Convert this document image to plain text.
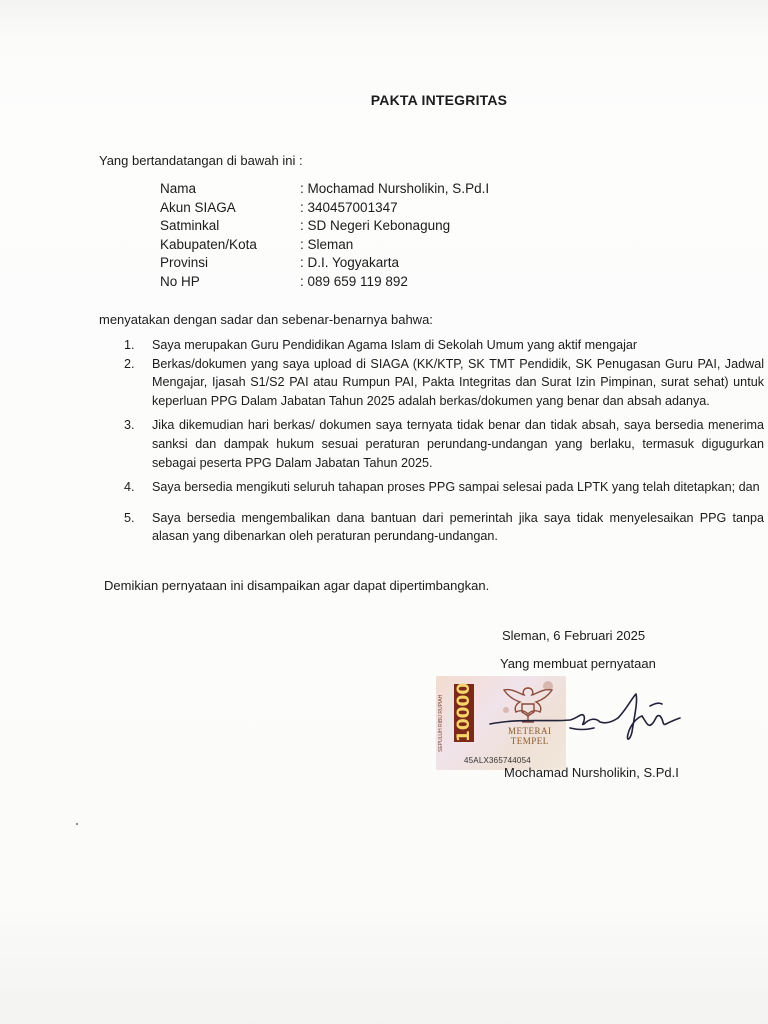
PAKTA INTEGRITAS
Yang bertandatangan di bawah ini :
Nama	: Mochamad Nursholikin, S.Pd.I
Akun SIAGA	: 340457001347
Satminkal	: SD Negeri Kebonagung
Kabupaten/Kota	: Sleman
Provinsi	: D.I. Yogyakarta
No HP	: 089 659 119 892
menyatakan dengan sadar dan sebenar-benarnya bahwa:
1. Saya merupakan Guru Pendidikan Agama Islam di Sekolah Umum yang aktif mengajar
2. Berkas/dokumen yang saya upload di SIAGA (KK/KTP, SK TMT Pendidik, SK Penugasan Guru PAI, Jadwal Mengajar, Ijasah S1/S2 PAI atau Rumpun PAI, Pakta Integritas dan Surat Izin Pimpinan, surat sehat) untuk keperluan PPG Dalam Jabatan Tahun 2025 adalah berkas/dokumen yang benar dan absah adanya.
3. Jika dikemudian hari berkas/ dokumen saya ternyata tidak benar dan tidak absah, saya bersedia menerima sanksi dan dampak hukum sesuai peraturan perundang-undangan yang berlaku, termasuk digugurkan sebagai peserta PPG Dalam Jabatan Tahun 2025.
4. Saya bersedia mengikuti seluruh tahapan proses PPG sampai selesai pada LPTK yang telah ditetapkan; dan
5. Saya bersedia mengembalikan dana bantuan dari pemerintah jika saya tidak menyelesaikan PPG tanpa alasan yang dibenarkan oleh peraturan perundang-undangan.
Demikian pernyataan ini disampaikan agar dapat dipertimbangkan.
Sleman, 6 Februari 2025
Yang membuat pernyataan
SEPULUH RIBU RUPIAH 10000	METERAI
TEMPEL
45ALX365744054
Mochamad Nursholikin, S.Pd.I
